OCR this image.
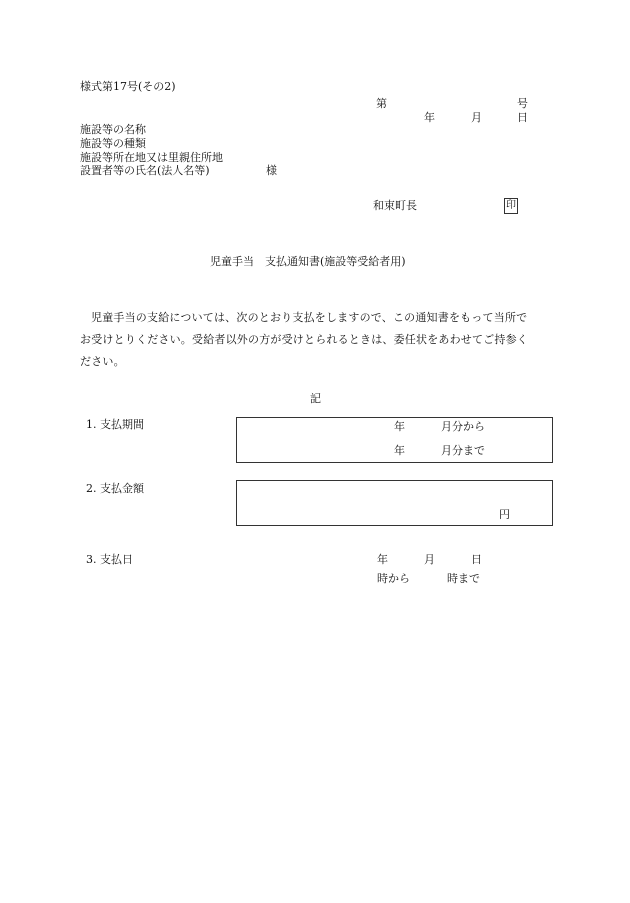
様式第17号(その2)
第	号
年	月	日
施設等の名称
施設等の種類
施設等所在地又は里親住所地
設置者等の氏名(法人名等)	様
和束町長	印
児童手当　支払通知書(施設等受給者用)
児童手当の支給については、次のとおり支払をしますので、この通知書をもって当所でお受けとりください。受給者以外の方が受けとられるときは、委任状をあわせてご持参ください。
記
1. 支払期間	年	月分から
年	月分まで
2. 支払金額
円
3. 支払日	年	月	日
時から	時まで
